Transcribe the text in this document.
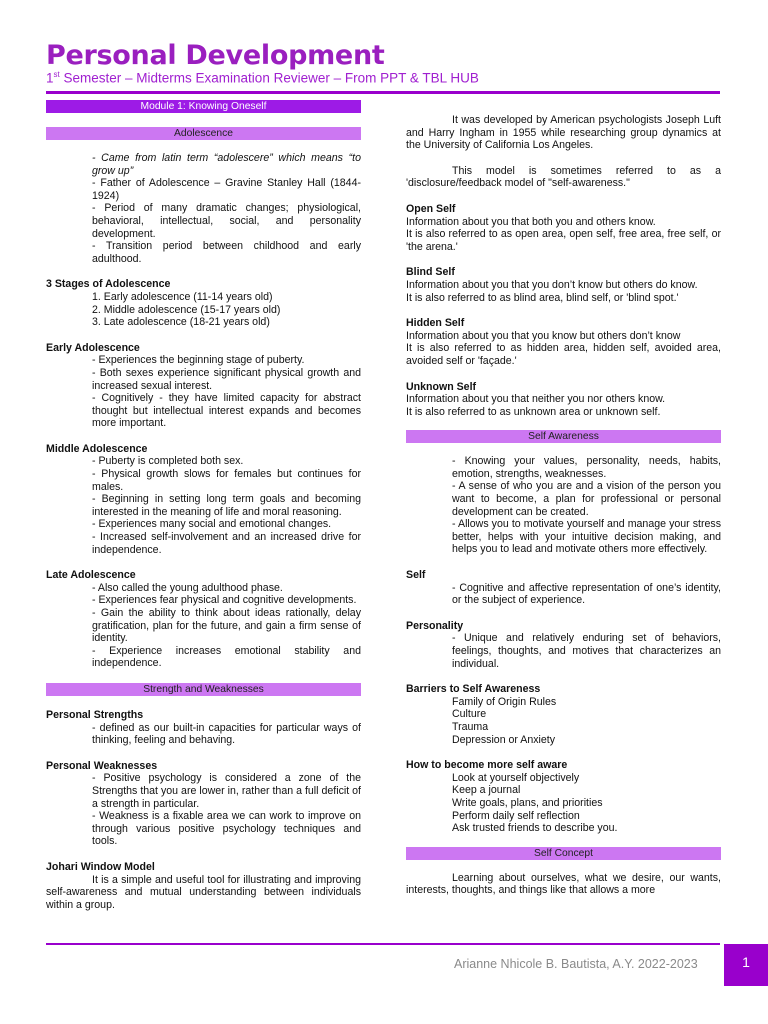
Personal Development
1st Semester – Midterms Examination Reviewer – From PPT & TBL HUB
Module 1: Knowing Oneself
Adolescence
- Came from latin term “adolescere” which means “to grow up”
- Father of Adolescence – Gravine Stanley Hall (1844-1924)
- Period of many dramatic changes; physiological, behavioral, intellectual, social, and personality development.
- Transition period between childhood and early adulthood.
3 Stages of Adolescence
1. Early adolescence (11-14 years old)
2. Middle adolescence (15-17 years old)
3. Late adolescence (18-21 years old)
Early Adolescence
- Experiences the beginning stage of puberty.
- Both sexes experience significant physical growth and increased sexual interest.
- Cognitively - they have limited capacity for abstract thought but intellectual interest expands and becomes more important.
Middle Adolescence
- Puberty is completed both sex.
- Physical growth slows for females but continues for males.
- Beginning in setting long term goals and becoming interested in the meaning of life and moral reasoning.
- Experiences many social and emotional changes.
- Increased self-involvement and an increased drive for independence.
Late Adolescence
- Also called the young adulthood phase.
- Experiences fear physical and cognitive developments.
- Gain the ability to think about ideas rationally, delay gratification, plan for the future, and gain a firm sense of identity.
- Experience increases emotional stability and independence.
Strength and Weaknesses
Personal Strengths
- defined as our built-in capacities for particular ways of thinking, feeling and behaving.
Personal Weaknesses
- Positive psychology is considered a zone of the Strengths that you are lower in, rather than a full deficit of a strength in particular.
- Weakness is a fixable area we can work to improve on through various positive psychology techniques and tools.
Johari Window Model
It is a simple and useful tool for illustrating and improving self-awareness and mutual understanding between individuals within a group.
It was developed by American psychologists Joseph Luft and Harry Ingham in 1955 while researching group dynamics at the University of California Los Angeles.
This model is sometimes referred to as a 'disclosure/feedback model of "self-awareness."
Open Self
Information about you that both you and others know.
It is also referred to as open area, open self, free area, free self, or 'the arena.'
Blind Self
Information about you that you don’t know but others do know.
It is also referred to as blind area, blind self, or 'blind spot.'
Hidden Self
Information about you that you know but others don’t know
It is also referred to as hidden area, hidden self, avoided area, avoided self or 'façade.'
Unknown Self
Information about you that neither you nor others know.
It is also referred to as unknown area or unknown self.
Self Awareness
- Knowing your values, personality, needs, habits, emotion, strengths, weaknesses.
- A sense of who you are and a vision of the person you want to become, a plan for professional or personal development can be created.
- Allows you to motivate yourself and manage your stress better, helps with your intuitive decision making, and helps you to lead and motivate others more effectively.
Self
- Cognitive and affective representation of one’s identity, or the subject of experience.
Personality
- Unique and relatively enduring set of behaviors, feelings, thoughts, and motives that characterizes an individual.
Barriers to Self Awareness
Family of Origin Rules
Culture
Trauma
Depression or Anxiety
How to become more self aware
Look at yourself objectively
Keep a journal
Write goals, plans, and priorities
Perform daily self reflection
Ask trusted friends to describe you.
Self Concept
Learning about ourselves, what we desire, our wants, interests, thoughts, and things like that allows a more
Arianne Nhicole B. Bautista, A.Y. 2022-2023	1
